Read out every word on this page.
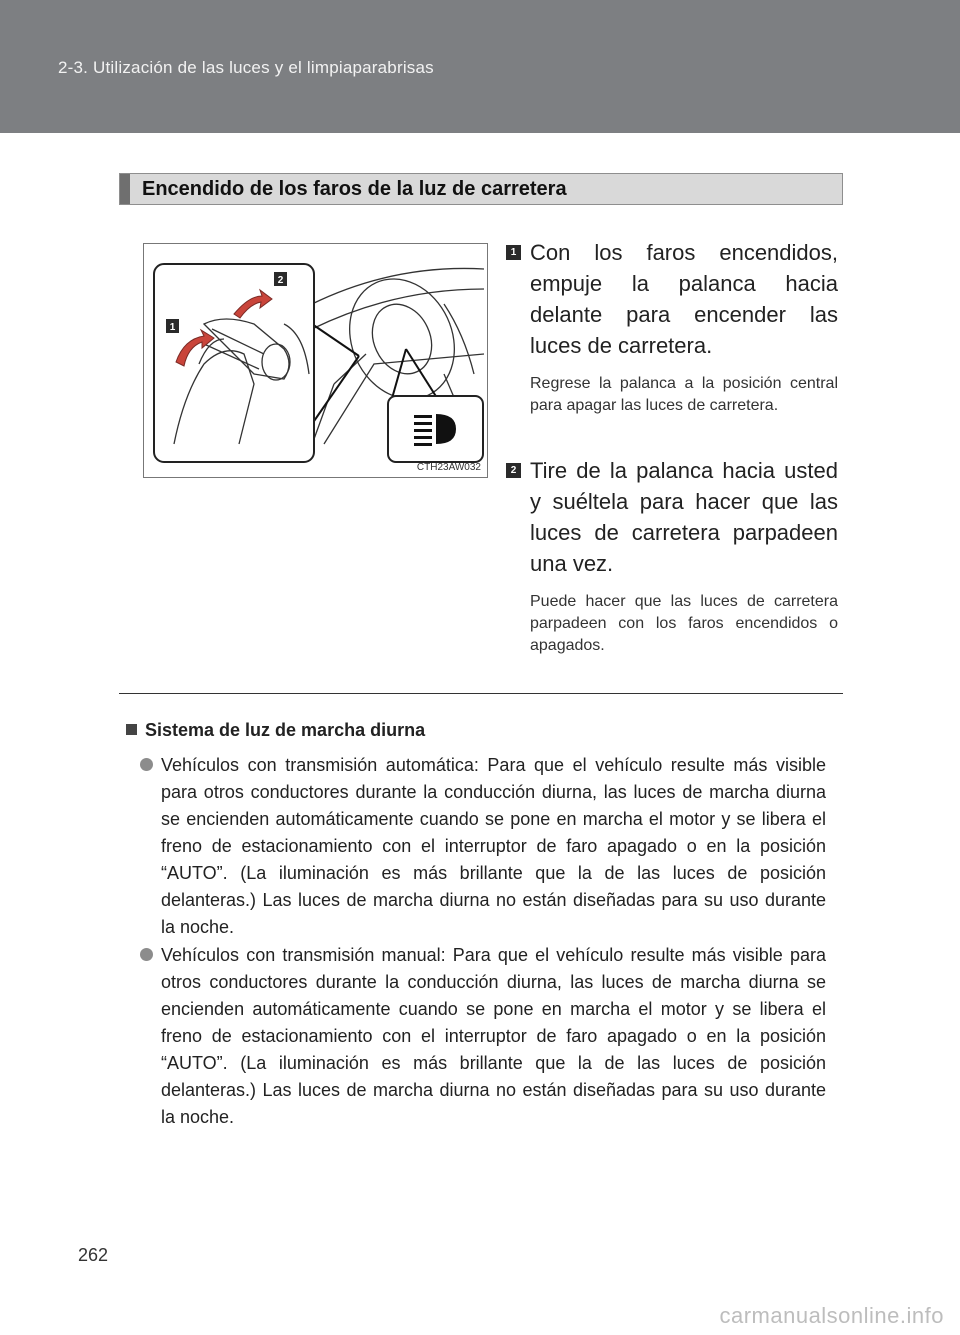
2-3. Utilización de las luces y el limpiaparabrisas
Encendido de los faros de la luz de carretera
1
2
CTH23AW032
1 Con los faros encendidos, empuje la palanca hacia delante para encender las luces de carretera.
Regrese la palanca a la posición central para apagar las luces de carretera.
2 Tire de la palanca hacia usted y suéltela para hacer que las luces de carretera parpadeen una vez.
Puede hacer que las luces de carretera parpadeen con los faros encendidos o apagados.
Sistema de luz de marcha diurna
Vehículos con transmisión automática: Para que el vehículo resulte más visible para otros conductores durante la conducción diurna, las luces de marcha diurna se encienden automáticamente cuando se pone en marcha el motor y se libera el freno de estacionamiento con el interruptor de faro apagado o en la posición “AUTO”. (La iluminación es más brillante que la de las luces de posición delanteras.) Las luces de marcha diurna no están diseñadas para su uso durante la noche.
Vehículos con transmisión manual: Para que el vehículo resulte más visible para otros conductores durante la conducción diurna, las luces de marcha diurna se encienden automáticamente cuando se pone en marcha el motor y se libera el freno de estacionamiento con el interruptor de faro apagado o en la posición “AUTO”. (La iluminación es más brillante que la de las luces de posición delanteras.) Las luces de marcha diurna no están diseñadas para su uso durante la noche.
262
carmanualsonline.info
